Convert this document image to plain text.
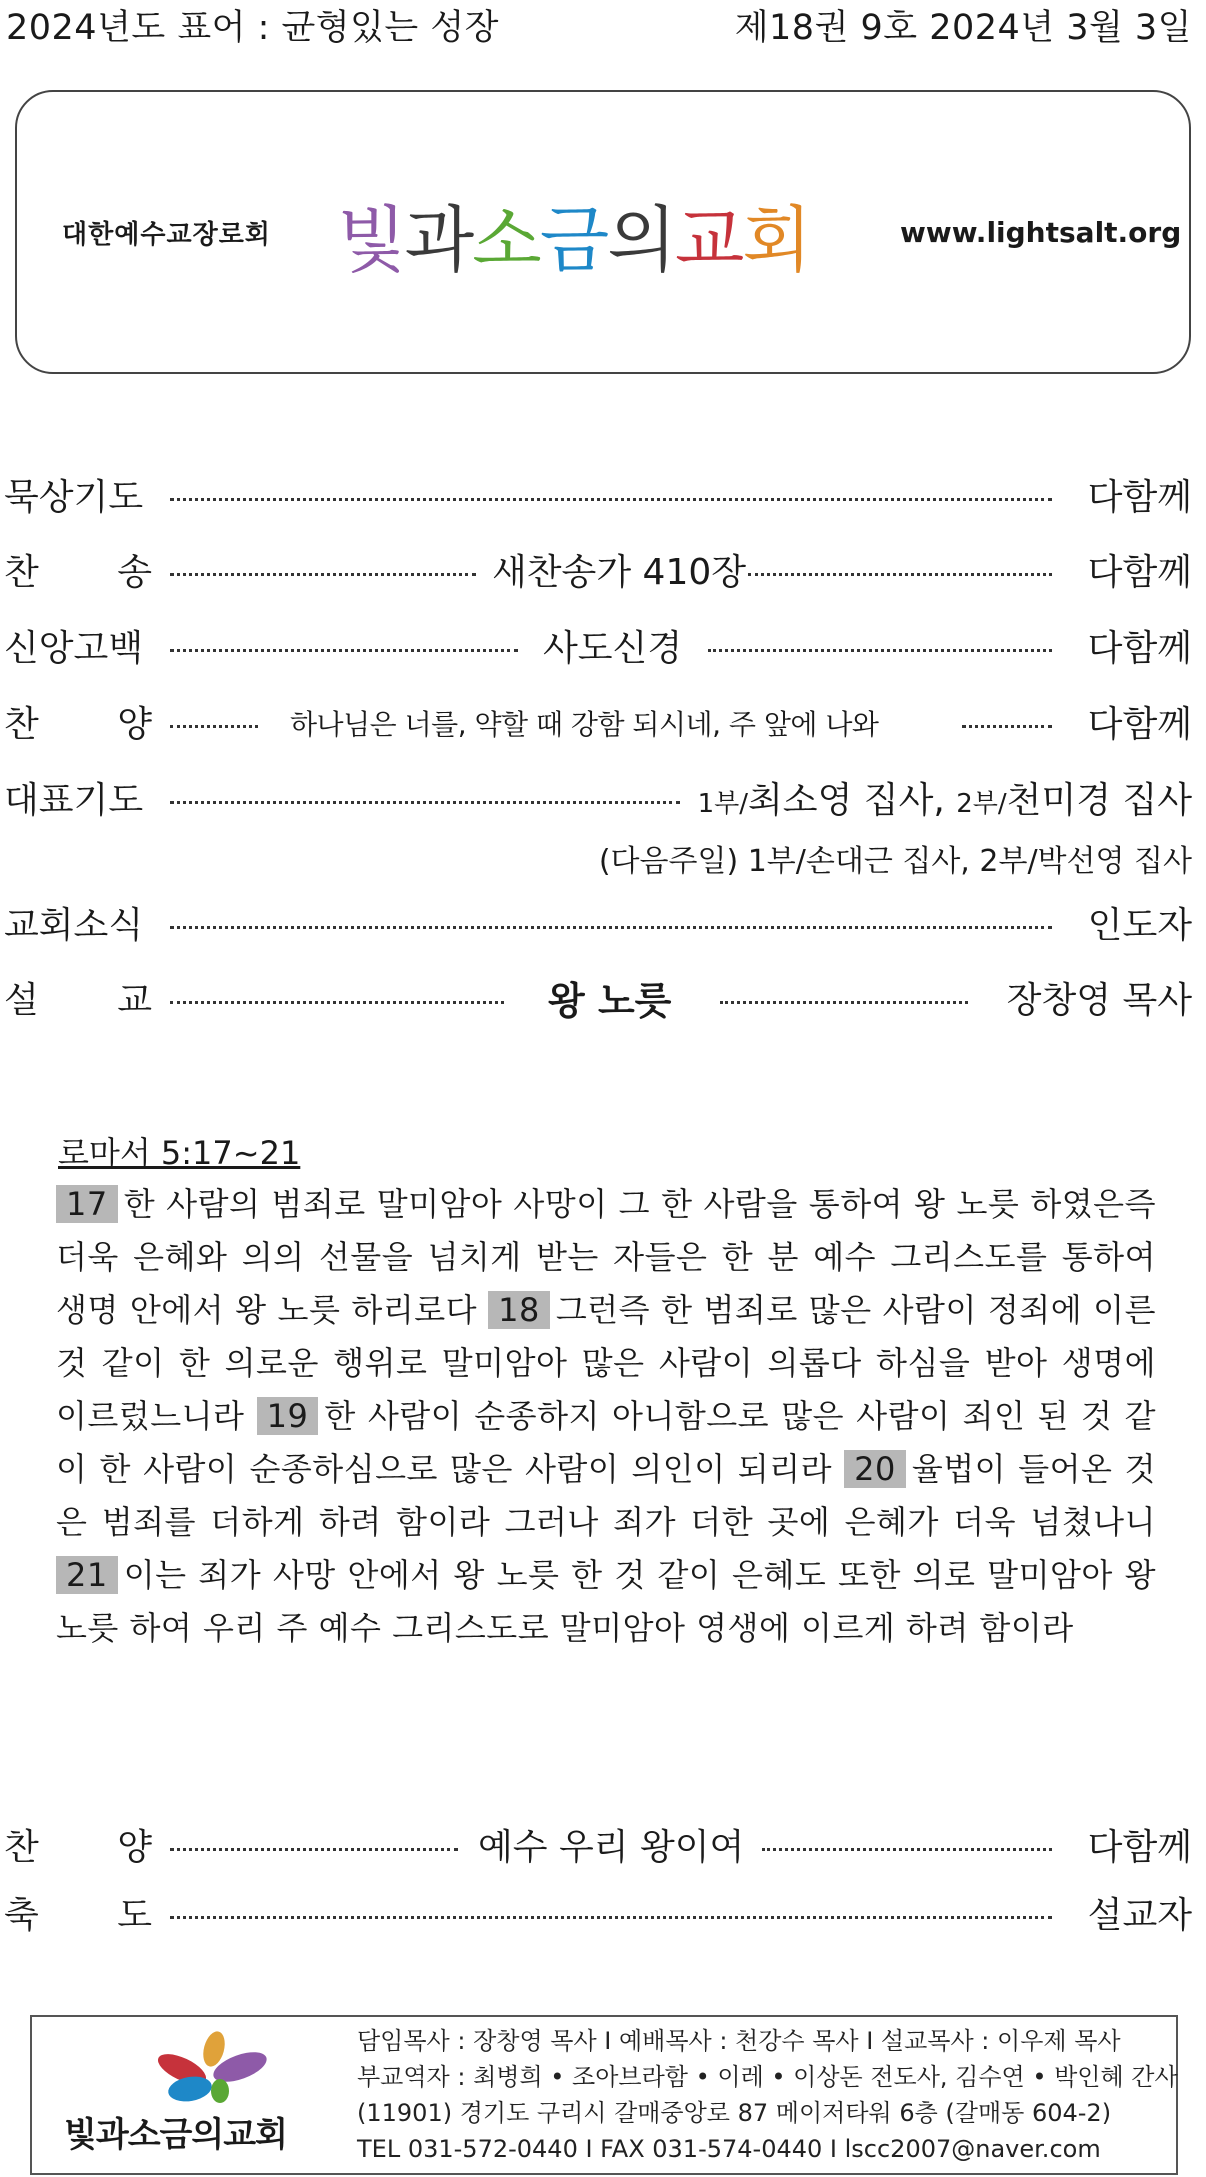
2024년도 표어 : 균형있는 성장	제18권 9호 2024년 3월 3일
대한예수교장로회 빛과소금의교회	www.lightsalt.org
묵상기도	다함께
찬 송	새찬송가 410장	다함께
신앙고백	사도신경	다함께
찬 양	하나님은 너를, 약할 때 강함 되시네, 주 앞에 나와	다함께
대표기도	1부/최소영 집사, 2부/천미경 집사
(다음주일) 1부/손대근 집사, 2부/박선영 집사
교회소식	인도자
설 교	왕 노릇	장창영 목사
로마서 5:17~21
17 한 사람의 범죄로 말미암아 사망이 그 한 사람을 통하여 왕 노릇 하였은즉 더욱 은혜와 의의 선물을 넘치게 받는 자들은 한 분 예수 그리스도를 통하여 생명 안에서 왕 노릇 하리로다 18 그런즉 한 범죄로 많은 사람이 정죄에 이른 것 같이 한 의로운 행위로 말미암아 많은 사람이 의롭다 하심을 받아 생명에 이르렀느니라 19 한 사람이 순종하지 아니함으로 많은 사람이 죄인 된 것 같이 한 사람이 순종하심으로 많은 사람이 의인이 되리라 20 율법이 들어온 것은 범죄를 더하게 하려 함이라 그러나 죄가 더한 곳에 은혜가 더욱 넘쳤나니 21 이는 죄가 사망 안에서 왕 노릇 한 것 같이 은혜도 또한 의로 말미암아 왕 노릇 하여 우리 주 예수 그리스도로 말미암아 영생에 이르게 하려 함이라
찬 양	예수 우리 왕이여	다함께
축 도	설교자
빛과소금의교회
담임목사 : 장창영 목사 I 예배목사 : 천강수 목사 I 설교목사 : 이우제 목사
부교역자 : 최병희 • 조아브라함 • 이레 • 이상돈 전도사, 김수연 • 박인혜 간사
(11901) 경기도 구리시 갈매중앙로 87 메이저타워 6층 (갈매동 604-2)
TEL 031-572-0440 I FAX 031-574-0440 I lscc2007@naver.com
